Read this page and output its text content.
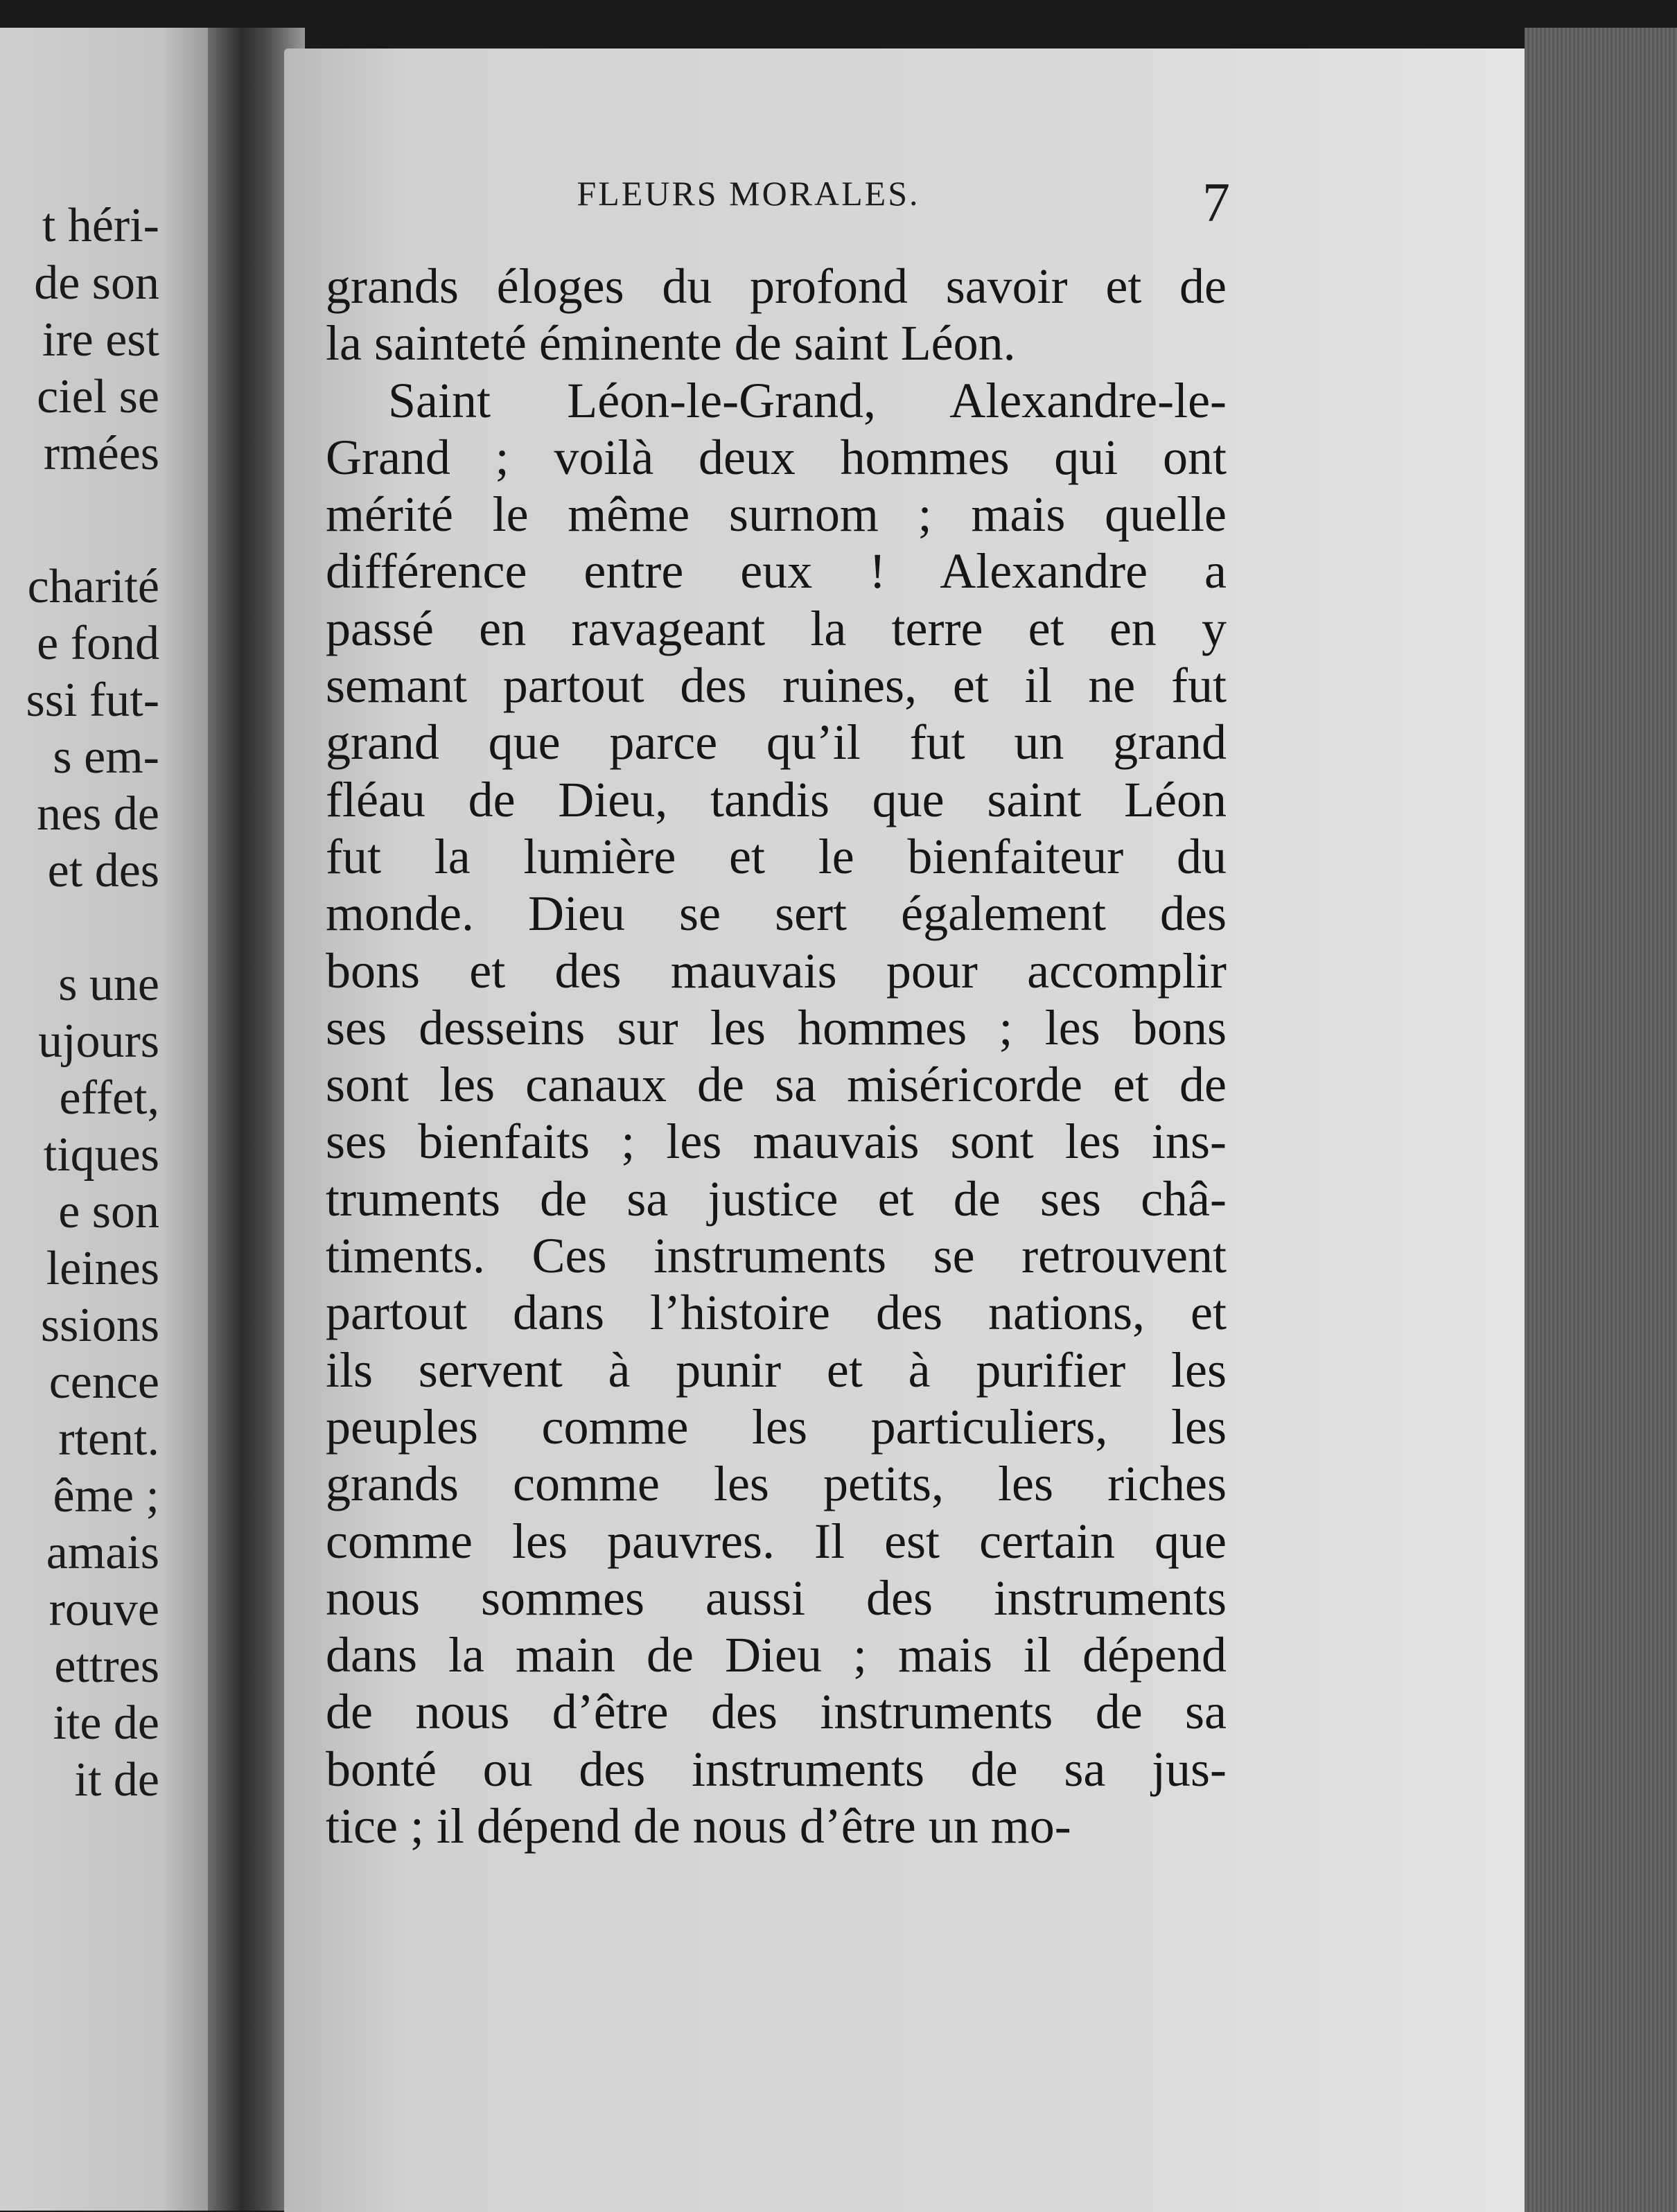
t héri-
de son
ire est
ciel se
rmées
charité
e fond
ssi fut-
s em-
nes de
et des
s une
ujours
effet,
tiques
e son
leines
ssions
cence
rtent.
ême ;
amais
rouve
ettres
ite de
it de
FLEURS MORALES.	7
grands éloges du profond savoir et de
la sainteté éminente de saint Léon.
Saint Léon-le-Grand, Alexandre-le-
Grand ; voilà deux hommes qui ont
mérité le même surnom ; mais quelle
différence entre eux ! Alexandre a
passé en ravageant la terre et en y
semant partout des ruines, et il ne fut
grand que parce qu’il fut un grand
fléau de Dieu, tandis que saint Léon
fut la lumière et le bienfaiteur du
monde. Dieu se sert également des
bons et des mauvais pour accomplir
ses desseins sur les hommes ; les bons
sont les canaux de sa miséricorde et de
ses bienfaits ; les mauvais sont les ins-
truments de sa justice et de ses châ-
timents. Ces instruments se retrouvent
partout dans l’histoire des nations, et
ils servent à punir et à purifier les
peuples comme les particuliers, les
grands comme les petits, les riches
comme les pauvres. Il est certain que
nous sommes aussi des instruments
dans la main de Dieu ; mais il dépend
de nous d’être des instruments de sa
bonté ou des instruments de sa jus-
tice ; il dépend de nous d’être un mo-
